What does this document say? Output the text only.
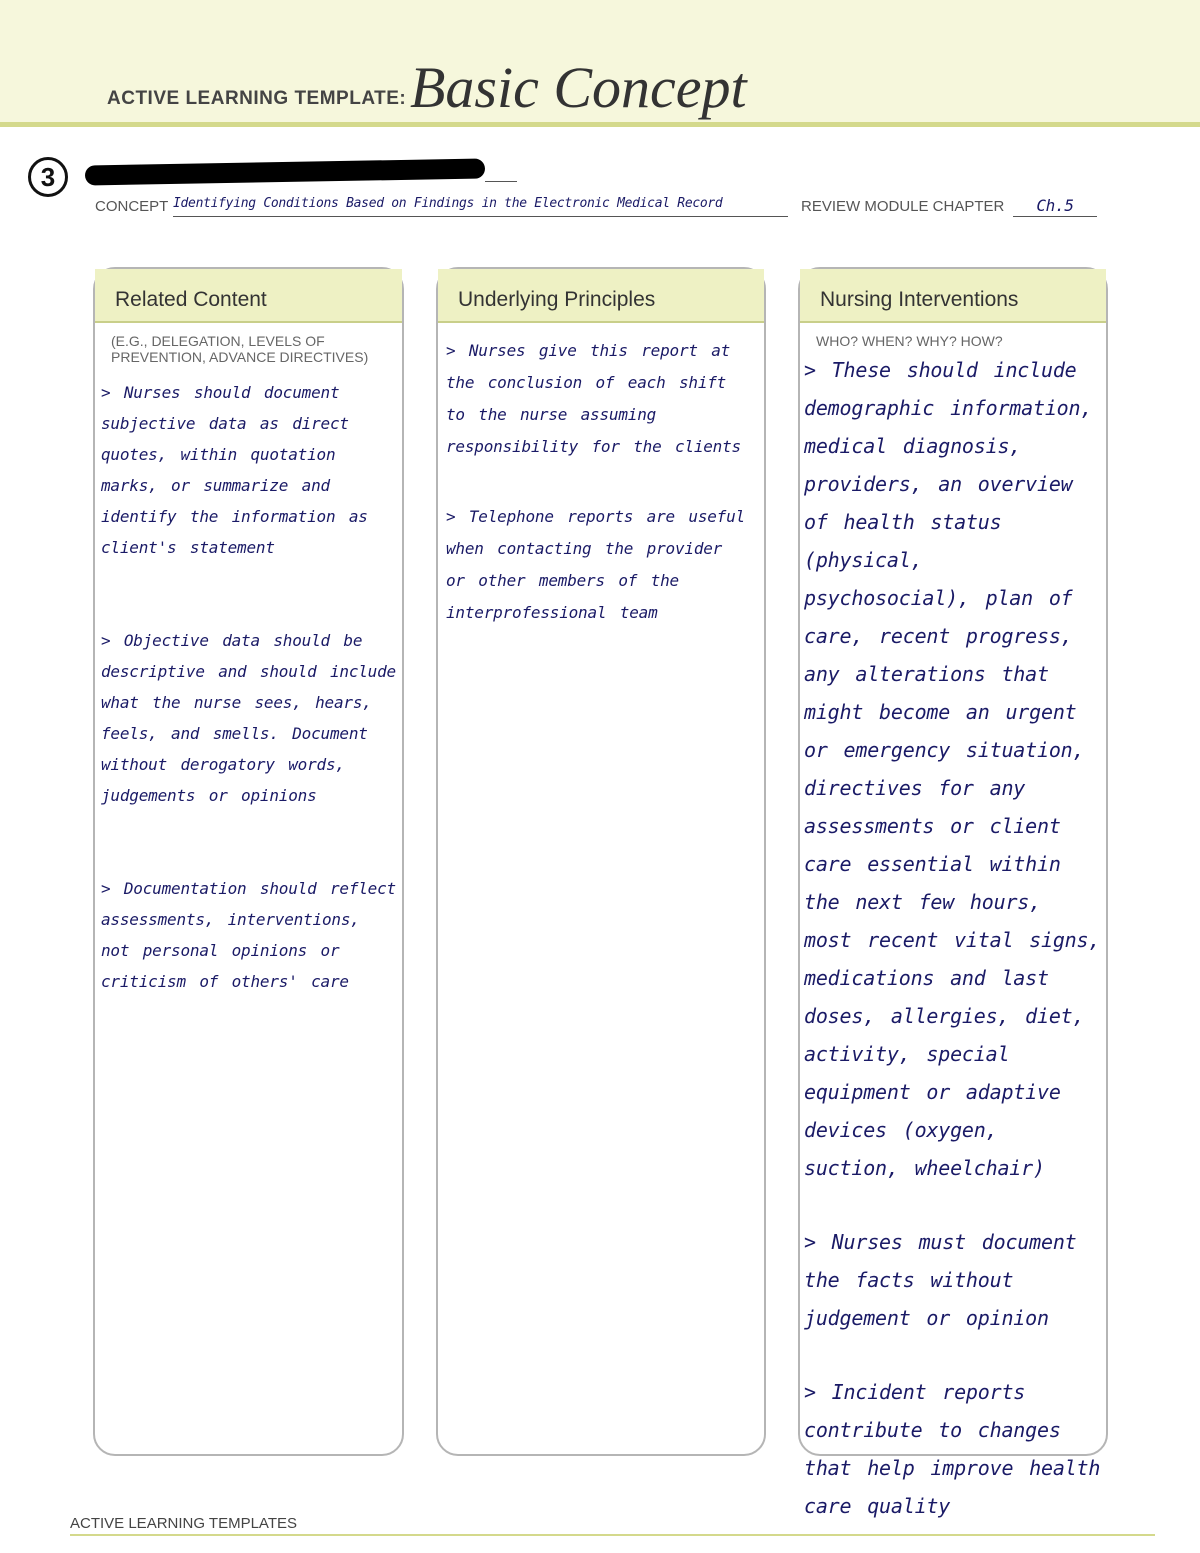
ACTIVE LEARNING TEMPLATE: Basic Concept
3
CONCEPT Identifying Conditions Based on Findings in the Electronic Medical Record	REVIEW MODULE CHAPTER	Ch.5
Related Content
(E.G., DELEGATION, LEVELS OF PREVENTION, ADVANCE DIRECTIVES)

> Nurses should document subjective data as direct quotes, within quotation marks, or summarize and identify the information as client's statement

> Objective data should be descriptive and should include what the nurse sees, hears, feels, and smells. Document without derogatory words, judgements or opinions

> Documentation should reflect assessments, interventions, not personal opinions or criticism of others' care

Underlying Principles

> Nurses give this report at the conclusion of each shift to the nurse assuming responsibility for the clients

> Telephone reports are useful when contacting the provider or other members of the interprofessional team

Nursing Interventions
WHO? WHEN? WHY? HOW?

> These should include demographic information, medical diagnosis, providers, an overview of health status (physical, psychosocial), plan of care, recent progress, any alterations that might become an urgent or emergency situation, directives for any assessments or client care essential within the next few hours, most recent vital signs, medications and last doses, allergies, diet, activity, special equipment or adaptive devices (oxygen, suction, wheelchair)

> Nurses must document the facts without judgement or opinion

> Incident reports contribute to changes that help improve health care quality

ACTIVE LEARNING TEMPLATES
